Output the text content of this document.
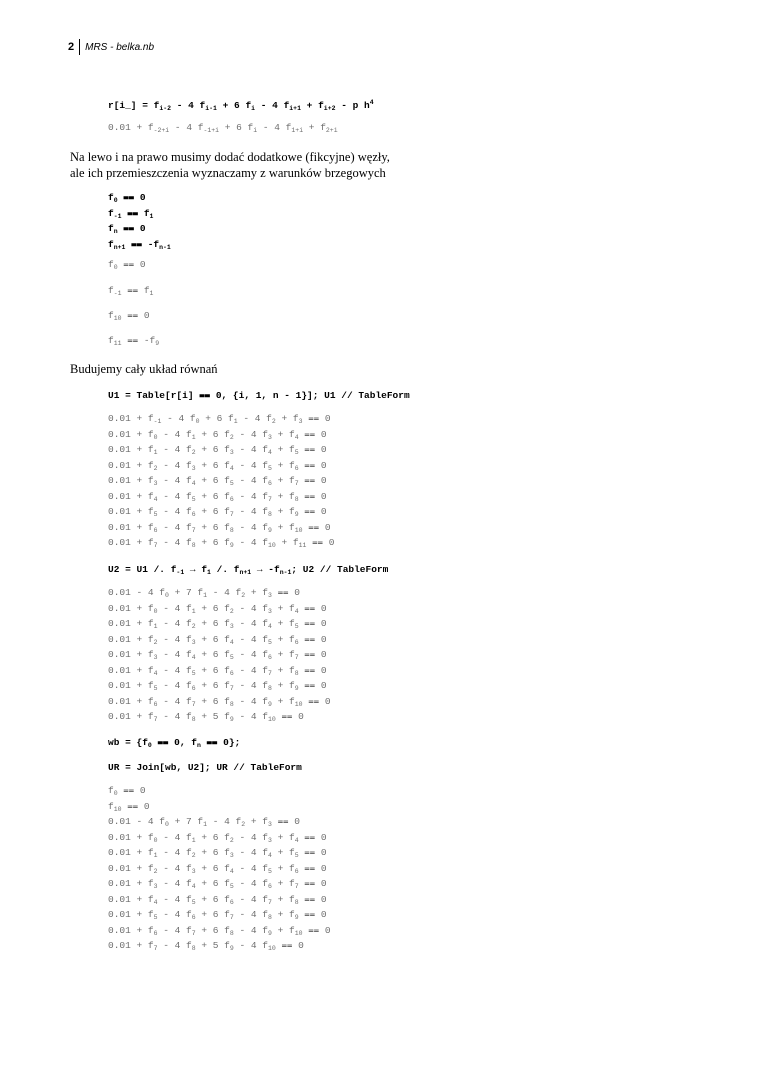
2 MRS - belka.nb
r[i_] = $f_{i-2} - 4$ $f_{i-1} + 6$ $f_i - 4$ $f_{i+1} + f_{i+2} - p$ $h^4$
$0.01 + f_{-2+i} - 4$ $f_{-1+i} + 6$ $f_i - 4$ $f_{1+i} + f_{2+i}$
Na lewo i na prawo musimy dodać dodatkowe (fikcyjne) węzły,
ale ich przemieszczenia wyznaczamy z warunków brzegowych
$f_0$ ⩵ 0
$f_{-1}$ ⩵ $f_1$
$f_n$ ⩵ 0
$f_{n+1}$ ⩵ $-f_{n-1}$
$f_0$ ⩵ 0
$f_{-1}$ ⩵ $f_1$
$f_{10}$ ⩵ 0
$f_{11}$ ⩵ $-f_9$
Budujemy cały układ równań
U1 = Table[r[i] ⩵ 0, {i, 1, n - 1}]; U1 // TableForm
$0.01 + f_{-1} - 4$ $f_0 + 6$ $f_1 - 4$ $f_2 + f_3$ ⩵ 0
$0.01 + f_0 - 4$ $f_1 + 6$ $f_2 - 4$ $f_3 + f_4$ ⩵ 0
$0.01 + f_1 - 4$ $f_2 + 6$ $f_3 - 4$ $f_4 + f_5$ ⩵ 0
$0.01 + f_2 - 4$ $f_3 + 6$ $f_4 - 4$ $f_5 + f_6$ ⩵ 0
$0.01 + f_3 - 4$ $f_4 + 6$ $f_5 - 4$ $f_6 + f_7$ ⩵ 0
$0.01 + f_4 - 4$ $f_5 + 6$ $f_6 - 4$ $f_7 + f_8$ ⩵ 0
$0.01 + f_5 - 4$ $f_6 + 6$ $f_7 - 4$ $f_8 + f_9$ ⩵ 0
$0.01 + f_6 - 4$ $f_7 + 6$ $f_8 - 4$ $f_9 + f_{10}$ ⩵ 0
$0.01 + f_7 - 4$ $f_8 + 6$ $f_9 - 4$ $f_{10} + f_{11}$ ⩵ 0
U2 = U1 /. $f_{-1} \to f_1$ /. $f_{n+1} \to -f_{n-1}$; U2 // TableForm
0.01 - 4 $f_0 + 7$ $f_1 - 4$ $f_2 + f_3$ ⩵ 0
$0.01 + f_0 - 4$ $f_1 + 6$ $f_2 - 4$ $f_3 + f_4$ ⩵ 0
$0.01 + f_1 - 4$ $f_2 + 6$ $f_3 - 4$ $f_4 + f_5$ ⩵ 0
$0.01 + f_2 - 4$ $f_3 + 6$ $f_4 - 4$ $f_5 + f_6$ ⩵ 0
$0.01 + f_3 - 4$ $f_4 + 6$ $f_5 - 4$ $f_6 + f_7$ ⩵ 0
$0.01 + f_4 - 4$ $f_5 + 6$ $f_6 - 4$ $f_7 + f_8$ ⩵ 0
$0.01 + f_5 - 4$ $f_6 + 6$ $f_7 - 4$ $f_8 + f_9$ ⩵ 0
$0.01 + f_6 - 4$ $f_7 + 6$ $f_8 - 4$ $f_9 + f_{10}$ ⩵ 0
$0.01 + f_7 - 4$ $f_8 + 5$ $f_9 - 4$ $f_{10}$ ⩵ 0
wb = {$f_0$ ⩵ 0, $f_n$ ⩵ 0};
UR = Join[wb, U2]; UR // TableForm
$f_0$ ⩵ 0
$f_{10}$ ⩵ 0
0.01 - 4 $f_0 + 7$ $f_1 - 4$ $f_2 + f_3$ ⩵ 0
$0.01 + f_0 - 4$ $f_1 + 6$ $f_2 - 4$ $f_3 + f_4$ ⩵ 0
$0.01 + f_1 - 4$ $f_2 + 6$ $f_3 - 4$ $f_4 + f_5$ ⩵ 0
$0.01 + f_2 - 4$ $f_3 + 6$ $f_4 - 4$ $f_5 + f_6$ ⩵ 0
$0.01 + f_3 - 4$ $f_4 + 6$ $f_5 - 4$ $f_6 + f_7$ ⩵ 0
$0.01 + f_4 - 4$ $f_5 + 6$ $f_6 - 4$ $f_7 + f_8$ ⩵ 0
$0.01 + f_5 - 4$ $f_6 + 6$ $f_7 - 4$ $f_8 + f_9$ ⩵ 0
$0.01 + f_6 - 4$ $f_7 + 6$ $f_8 - 4$ $f_9 + f_{10}$ ⩵ 0
$0.01 + f_7 - 4$ $f_8 + 5$ $f_9 - 4$ $f_{10}$ ⩵ 0
